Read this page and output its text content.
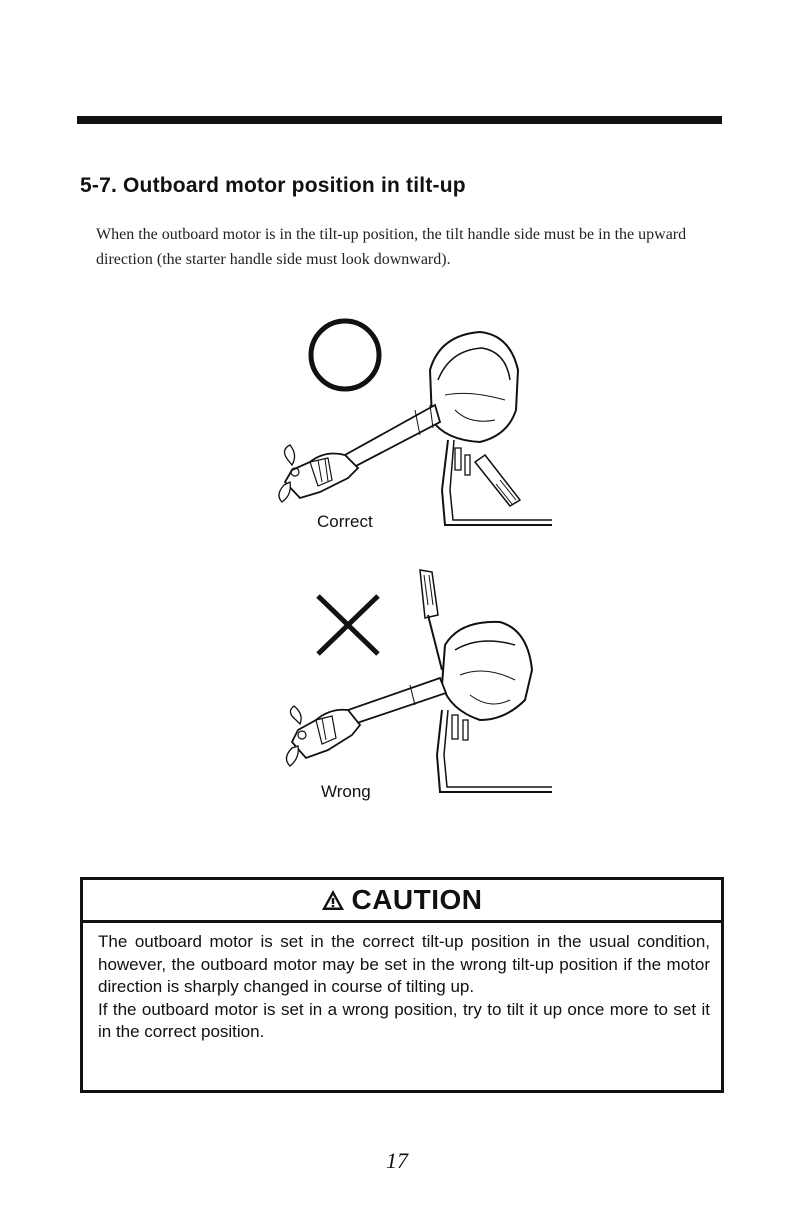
5-7. Outboard motor position in tilt-up

When the outboard motor is in the tilt-up position, the tilt handle side must be in the upward direction (the starter handle side must look downward).

Correct
Wrong
CAUTION

The outboard motor is set in the correct tilt-up position in the usual condition, however, the outboard motor may be set in the wrong tilt-up position if the motor direction is sharply changed in course of tilting up.

If the outboard motor is set in a wrong position, try to tilt it up once more to set it in the correct position.

17
